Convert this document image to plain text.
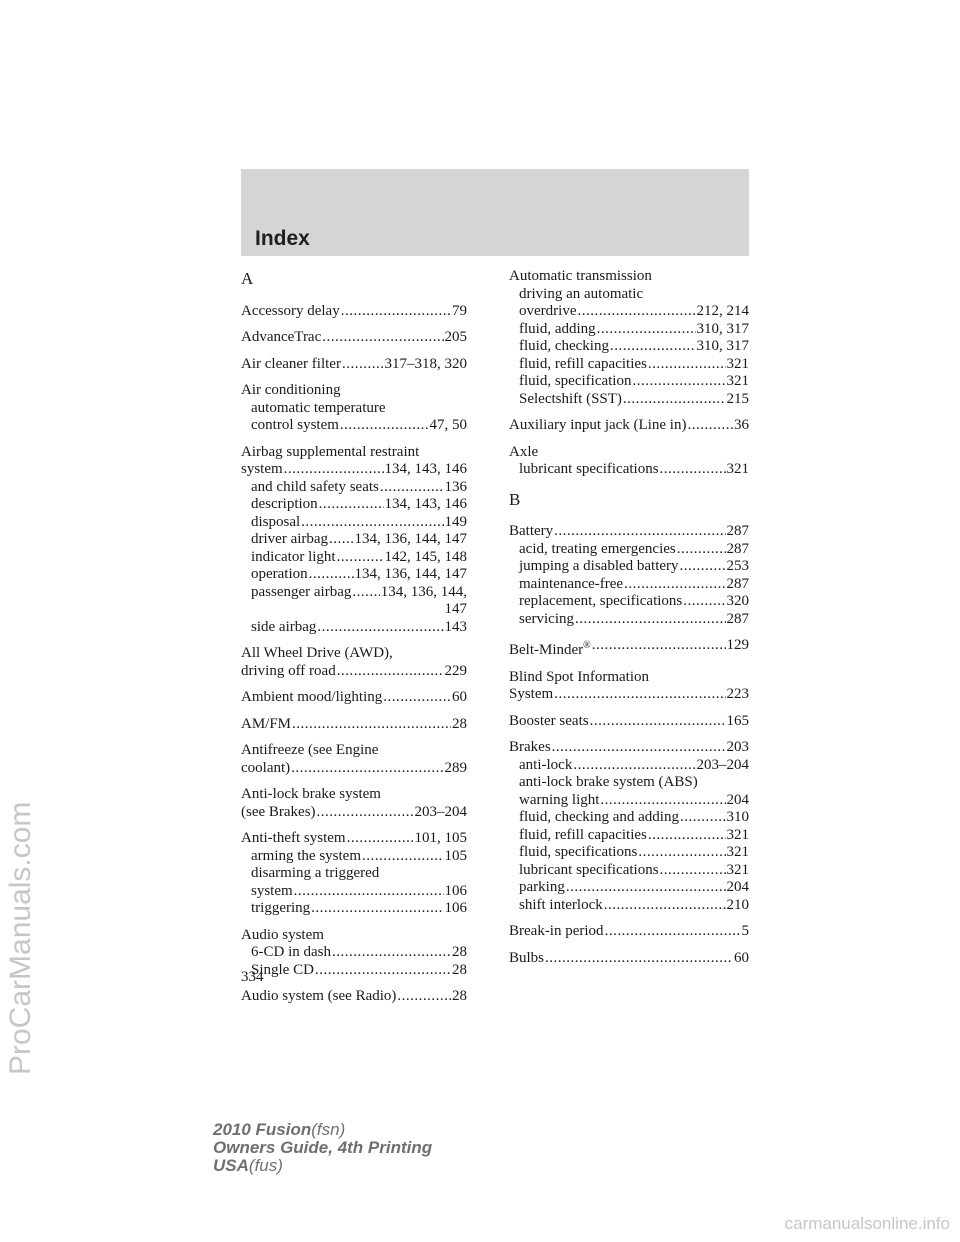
Index
A
Accessory delay .....	79
AdvanceTrac .....	205
Air cleaner filter .....	317–318, 320
Air conditioning
automatic temperature
control system .....	47, 50
Airbag supplemental restraint
system .....	134, 143, 146
and child safety seats .....	136
description .....	134, 143, 146
disposal .....	149
driver airbag ..... 134, 136, 144, 147
indicator light .....	142, 145, 148
operation .....	134, 136, 144, 147
passenger airbag ..... 134, 136, 144,
147
side airbag .....	143
All Wheel Drive (AWD),
driving off road .....	229
Ambient mood/lighting .....	60
AM/FM .....	28
Antifreeze (see Engine
coolant) .....	289
Anti-lock brake system
(see Brakes) .....	203–204
Anti-theft system .....	101, 105
arming the system .....	105
disarming a triggered
system .....	106
triggering .....	106
Audio system
6-CD in dash .....	28
Single CD .....	28
Audio system (see Radio) .....	28
Automatic transmission
driving an automatic
overdrive .....	212, 214
fluid, adding .....	310, 317
fluid, checking .....	310, 317
fluid, refill capacities .....	321
fluid, specification .....	321
Selectshift (SST) .....	215
Auxiliary input jack (Line in) .....	36
Axle
lubricant specifications .....	321
B
Battery .....	287
acid, treating emergencies .....	287
jumping a disabled battery .....	253
maintenance-free .....	287
replacement, specifications .....	320
servicing .....	287
Belt-Minder® .....	129
Blind Spot Information
System .....	223
Booster seats .....	165
Brakes .....	203
anti-lock .....	203–204
anti-lock brake system (ABS)
warning light .....	204
fluid, checking and adding .....	310
fluid, refill capacities .....	321
fluid, specifications .....	321
lubricant specifications .....	321
parking .....	204
shift interlock .....	210
Break-in period .....	5
Bulbs .....	60
334
2010 Fusion(fsn)
Owners Guide, 4th Printing
USA(fus)
ProCarManuals.com
carmanualsonline.info
